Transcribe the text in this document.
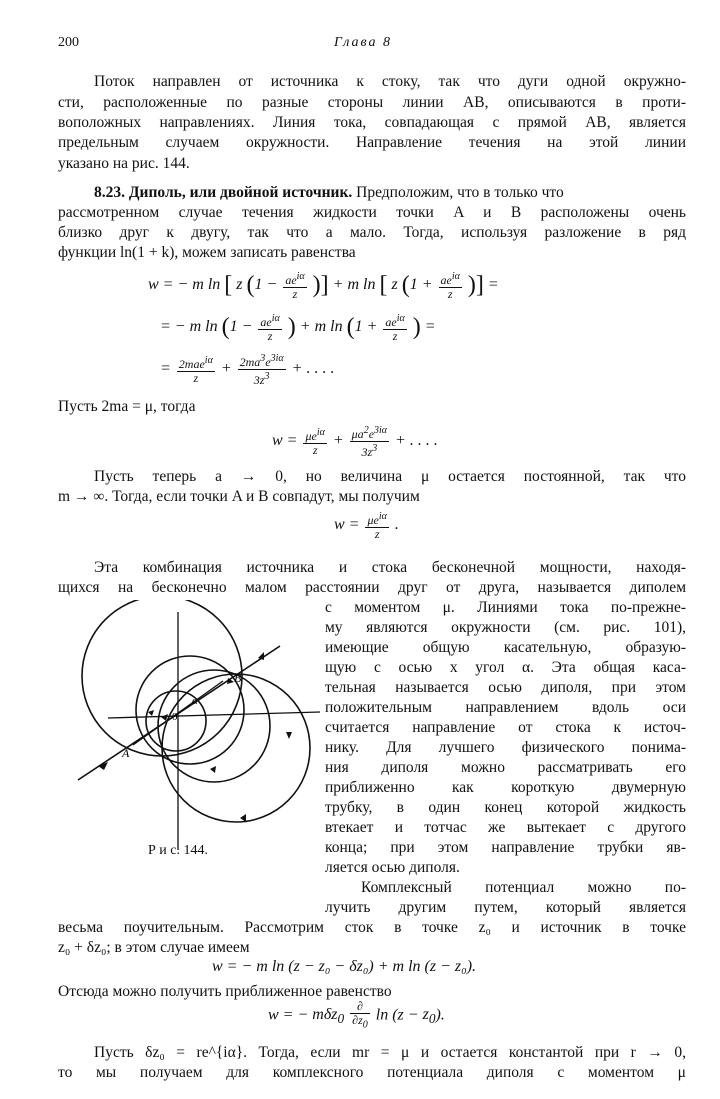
200	Глава 8
Поток направлен от источника к стоку, так что дуги одной окружно-
сти, расположенные по разные стороны линии AB, описываются в проти-
воположных направлениях. Линия тока, совпадающая с прямой AB, является
предельным случаем окружности. Направление течения на этой линии
указано на рис. 144.
8.23. Диполь, или двойной источник. Предположим, что в только что
рассмотренном случае течения жидкости точки A и B расположены очень
близко друг к двугу, так что a мало. Тогда, используя разложение в ряд
функции ln(1 + k), можем записать равенства
w = − m ln [ z ($1 - \frac{ae^{i\alpha}}{z}$ )] + m ln [ z ($1 + \frac{ae^{i\alpha}}{z}$ )] =
= − m $\ln (1 - \frac{ae^{i\alpha}}{z}$ ) + m $\ln (1 + \frac{ae^{i\alpha}}{z}$ ) =
= $\frac{2mae^{i\alpha}}{z} + \frac{2ma^3e^{3i\alpha}}{3z^3}$ + . . . .
Пусть 2ma = μ, тогда
$w = \frac{\mu e^{i\alpha}}{z} + \frac{\mu a^2e^{3i\alpha}}{3z^3}$ + . . . .
Пусть теперь a → 0, но величина μ остается постоянной, так что
m → ∞. Тогда, если точки A и B совпадут, мы получим
$w = \frac{\mu e^{i\alpha}}{z}$ .
Эта комбинация источника и стока бесконечной мощности, находя-
щихся на бесконечно малом расстоянии друг от друга, называется диполем
с моментом μ. Линиями тока по-прежне-
му являются окружности (см. рис. 101),
имеющие общую касательную, образую-
щую с осью x угол α. Эта общая каса-
тельная называется осью диполя, при этом
положительным направлением вдоль оси
считается направление от стока к источ-
нику. Для лучшего физического понима-
ния диполя можно рассматривать его
приближенно как короткую двумерную
трубку, в один конец которой жидкость
втекает и тотчас же вытекает с другого
конца; при этом направление трубки яв-
ляется осью диполя.
Комплексный потенциал можно по-
лучить другим путем, который является
весьма поучительным. Рассмотрим сток в точке z₀ и источник в точке
z₀ + δz₀; в этом случае имеем
A
B
0
α
Р и с. 144.
w = − m ln (z − z₀ − δz₀) + m ln (z − z₀).
Отсюда можно получить приближенное равенство
w = − $m\delta z_0 \frac{\partial}{\partial z_0}$ $\ln (z - z_0)$.
Пусть δz₀ = re^{iα}. Тогда, если mr = μ и остается константой при r → 0,
то мы получаем для комплексного потенциала диполя с моментом μ
